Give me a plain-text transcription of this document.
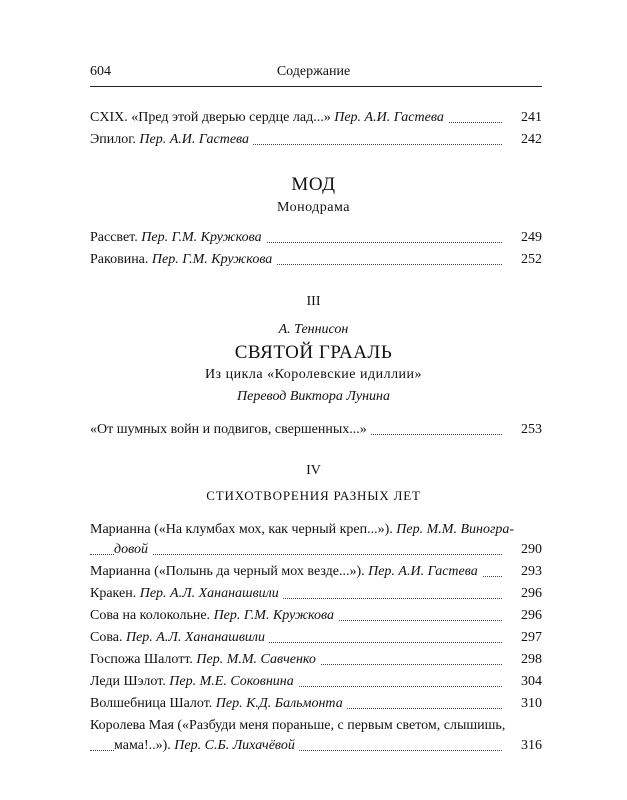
604	Содержание
CXIX. «Пред этой дверью сердце лад...» Пер. А.И. Гастева	241
Эпилог. Пер. А.И. Гастева	242
МОД
Монодрама
Рассвет. Пер. Г.М. Кружкова	249
Раковина. Пер. Г.М. Кружкова	252
III
А. Теннисон
СВЯТОЙ ГРААЛЬ
Из цикла «Королевские идиллии»
Перевод Виктора Лунина
«От шумных войн и подвигов, свершенных...»	253
IV
СТИХОТВОРЕНИЯ РАЗНЫХ ЛЕТ
Марианна («На клумбах мох, как черный креп...»). Пер. М.М. Виногра-
довой	290
Марианна («Полынь да черный мох везде...»). Пер. А.И. Гастева	293
Кракен. Пер. А.Л. Хананашвили	296
Сова на колокольне. Пер. Г.М. Кружкова	296
Сова. Пер. А.Л. Хананашвили	297
Госпожа Шалотт. Пер. М.М. Савченко	298
Леди Шэлот. Пер. М.Е. Соковнина	304
Волшебница Шалот. Пер. К.Д. Бальмонта	310
Королева Мая («Разбуди меня пораньше, с первым светом, слышишь,
мама!..»). Пер. С.Б. Лихачёвой	316
